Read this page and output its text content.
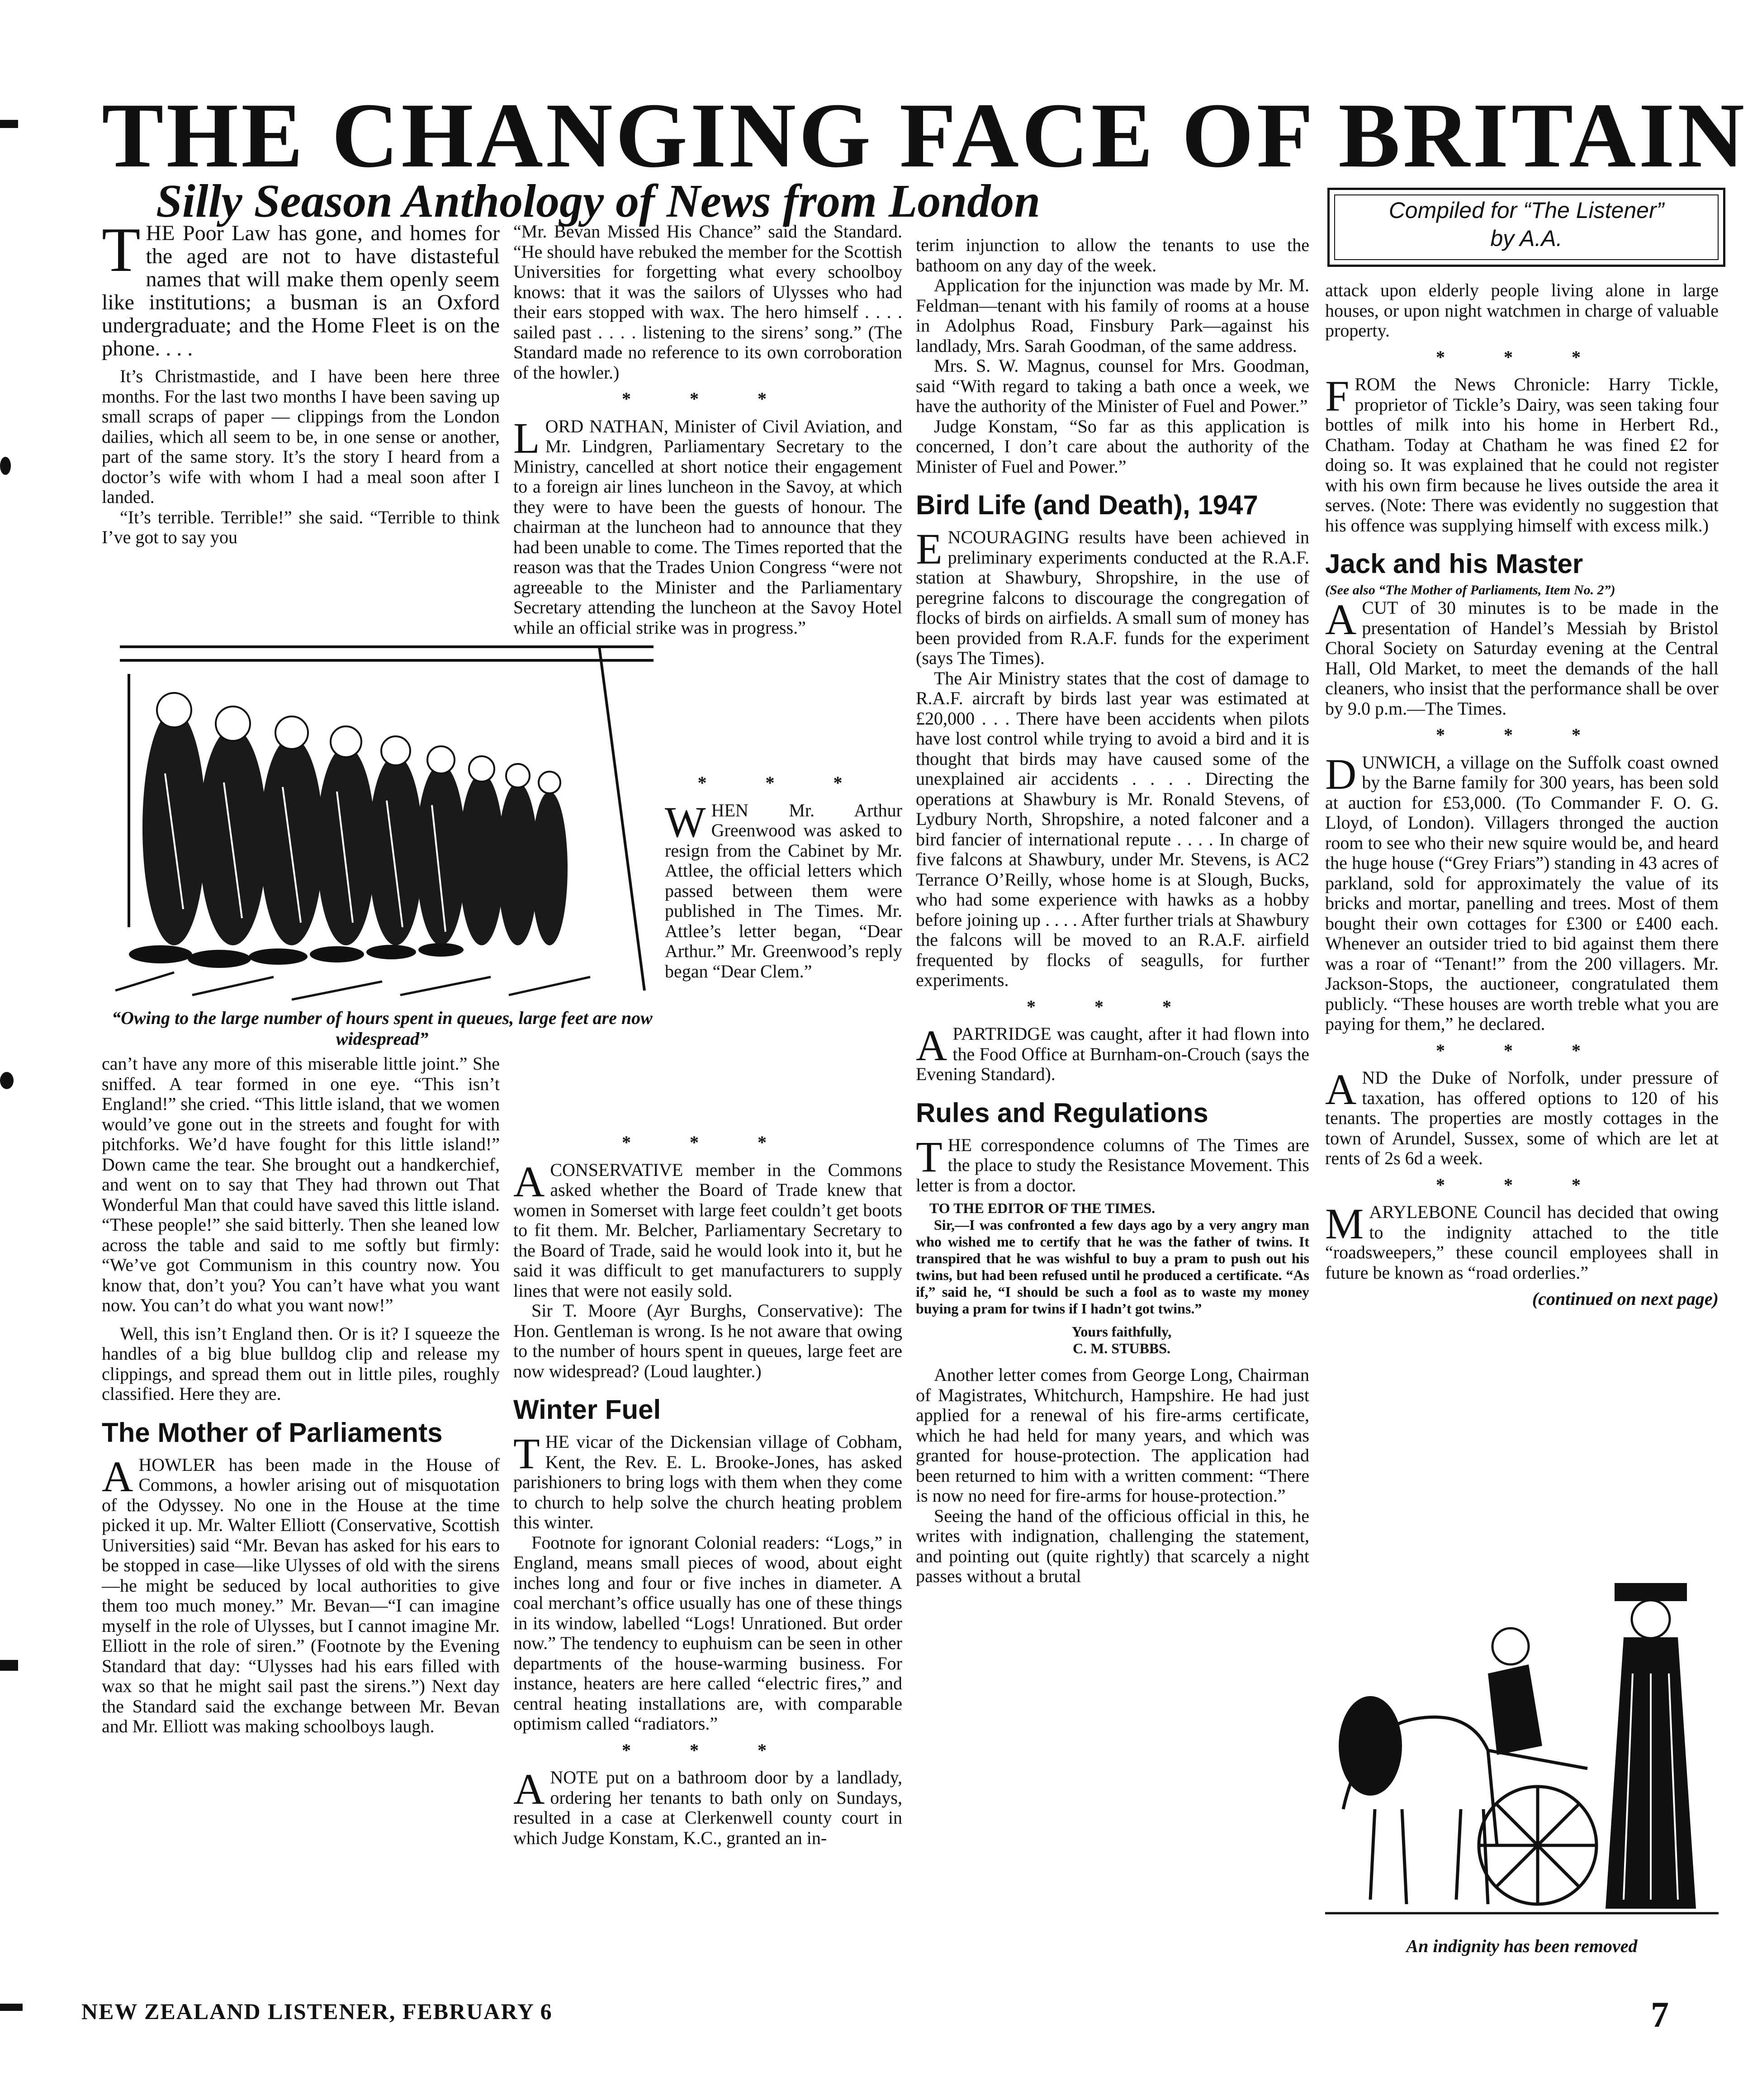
THE CHANGING FACE OF BRITAIN
Silly Season Anthology of News from London	Compiled for “The Listener”
by A.A.

THE Poor Law has gone, and homes for the aged are not to have distasteful names that will make them openly seem like institutions; a busman is an Oxford undergraduate; and the Home Fleet is on the phone. . . .

It’s Christmastide, and I have been here three months. For the last two months I have been saving up small scraps of paper — clippings from the London dailies, which all seem to be, in one sense or another, part of the same story. It’s the story I heard from a doctor’s wife with whom I had a meal soon after I landed.

“It’s terrible. Terrible!” she said. “Terrible to think I’ve got to say you

“Owing to the large number of hours spent in queues, large feet are now widespread”

can’t have any more of this miserable little joint.” She sniffed. A tear formed in one eye. “This isn’t England!” she cried. “This little island, that we women would’ve gone out in the streets and fought for with pitchforks. We’d have fought for this little island!” Down came the tear. She brought out a handkerchief, and went on to say that They had thrown out That Wonderful Man that could have saved this little island. “These people!” she said bitterly. Then she leaned low across the table and said to me softly but firmly: “We’ve got Communism in this country now. You know that, don’t you? You can’t have what you want now. You can’t do what you want now!”

Well, this isn’t England then. Or is it? I squeeze the handles of a big blue bulldog clip and release my clippings, and spread them out in little piles, roughly classified. Here they are.

The Mother of Parliaments

AHOWLER has been made in the House of Commons, a howler arising out of misquotation of the Odyssey. No one in the House at the time picked it up. Mr. Walter Elliott (Conservative, Scottish Universities) said “Mr. Bevan has asked for his ears to be stopped in case—like Ulysses of old with the sirens—he might be seduced by local authorities to give them too much money.” Mr. Bevan—“I can imagine myself in the role of Ulysses, but I cannot imagine Mr. Elliott in the role of siren.” (Footnote by the Evening Standard that day: “Ulysses had his ears filled with wax so that he might sail past the sirens.”) Next day the Standard said the exchange between Mr. Bevan and Mr. Elliott was making schoolboys laugh.

“Mr. Bevan Missed His Chance” said the Standard. “He should have rebuked the member for the Scottish Universities for forgetting what every schoolboy knows: that it was the sailors of Ulysses who had their ears stopped with wax. The hero himself . . . . sailed past . . . . listening to the sirens’ song.” (The Standard made no reference to its own corroboration of the howler.)

* * *

LORD NATHAN, Minister of Civil Aviation, and Mr. Lindgren, Parliamentary Secretary to the Ministry, cancelled at short notice their engagement to a foreign air lines luncheon in the Savoy, at which they were to have been the guests of honour. The chairman at the luncheon had to announce that they had been unable to come. The Times reported that the reason was that the Trades Union Congress “were not agreeable to the Minister and the Parliamentary Secretary attending the luncheon at the Savoy Hotel while an official strike was in progress.”

* * *

WHEN Mr. Arthur Greenwood was asked to resign from the Cabinet by Mr. Attlee, the official letters which passed between them were published in The Times. Mr. Attlee’s letter began, “Dear Arthur.” Mr. Greenwood’s reply began “Dear Clem.”

* * *

ACONSERVATIVE member in the Commons asked whether the Board of Trade knew that women in Somerset with large feet couldn’t get boots to fit them. Mr. Belcher, Parliamentary Secretary to the Board of Trade, said he would look into it, but he said it was difficult to get manufacturers to supply lines that were not easily sold.

Sir T. Moore (Ayr Burghs, Conservative): The Hon. Gentleman is wrong. Is he not aware that owing to the number of hours spent in queues, large feet are now widespread? (Loud laughter.)

Winter Fuel

THE vicar of the Dickensian village of Cobham, Kent, the Rev. E. L. Brooke-Jones, has asked parishioners to bring logs with them when they come to church to help solve the church heating problem this winter.

Footnote for ignorant Colonial readers: “Logs,” in England, means small pieces of wood, about eight inches long and four or five inches in diameter. A coal merchant’s office usually has one of these things in its window, labelled “Logs! Unrationed. But order now.” The tendency to euphuism can be seen in other departments of the house-warming business. For instance, heaters are here called “electric fires,” and central heating installations are, with comparable optimism called “radiators.”

* * *

ANOTE put on a bathroom door by a landlady, ordering her tenants to bath only on Sundays, resulted in a case at Clerkenwell county court in which Judge Konstam, K.C., granted an in-

terim injunction to allow the tenants to use the bathoom on any day of the week.

Application for the injunction was made by Mr. M. Feldman—tenant with his family of rooms at a house in Adolphus Road, Finsbury Park—against his landlady, Mrs. Sarah Goodman, of the same address.

Mrs. S. W. Magnus, counsel for Mrs. Goodman, said “With regard to taking a bath once a week, we have the authority of the Minister of Fuel and Power.”

Judge Konstam, “So far as this application is concerned, I don’t care about the authority of the Minister of Fuel and Power.”

Bird Life (and Death), 1947

ENCOURAGING results have been achieved in preliminary experiments conducted at the R.A.F. station at Shawbury, Shropshire, in the use of peregrine falcons to discourage the congregation of flocks of birds on airfields. A small sum of money has been provided from R.A.F. funds for the experiment (says The Times).

The Air Ministry states that the cost of damage to R.A.F. aircraft by birds last year was estimated at £20,000 . . . There have been accidents when pilots have lost control while trying to avoid a bird and it is thought that birds may have caused some of the unexplained air accidents . . . . Directing the operations at Shawbury is Mr. Ronald Stevens, of Lydbury North, Shropshire, a noted falconer and a bird fancier of international repute . . . . In charge of five falcons at Shawbury, under Mr. Stevens, is AC2 Terrance O’Reilly, whose home is at Slough, Bucks, who had some experience with hawks as a hobby before joining up . . . . After further trials at Shawbury the falcons will be moved to an R.A.F. airfield frequented by flocks of seagulls, for further experiments.

* * *

APARTRIDGE was caught, after it had flown into the Food Office at Burnham-on-Crouch (says the Evening Standard).

Rules and Regulations

THE correspondence columns of The Times are the place to study the Resistance Movement. This letter is from a doctor.

TO THE EDITOR OF THE TIMES.

Sir,—I was confronted a few days ago by a very angry man who wished me to certify that he was the father of twins. It transpired that he was wishful to buy a pram to push out his twins, but had been refused until he produced a certificate. “As if,” said he, “I should be such a fool as to waste my money buying a pram for twins if I hadn’t got twins.”

Yours faithfully,

C. M. STUBBS.

Another letter comes from George Long, Chairman of Magistrates, Whitchurch, Hampshire. He had just applied for a renewal of his fire-arms certificate, which he had held for many years, and which was granted for house-protection. The application had been returned to him with a written comment: “There is now no need for fire-arms for house-protection.”

Seeing the hand of the officious official in this, he writes with indignation, challenging the statement, and pointing out (quite rightly) that scarcely a night passes without a brutal

attack upon elderly people living alone in large houses, or upon night watchmen in charge of valuable property.

* * *

FROM the News Chronicle: Harry Tickle, proprietor of Tickle’s Dairy, was seen taking four bottles of milk into his home in Herbert Rd., Chatham. Today at Chatham he was fined £2 for doing so. It was explained that he could not register with his own firm because he lives outside the area it serves. (Note: There was evidently no suggestion that his offence was supplying himself with excess milk.)

Jack and his Master

(See also “The Mother of Parliaments, Item No. 2”)

ACUT of 30 minutes is to be made in the presentation of Handel’s Messiah by Bristol Choral Society on Saturday evening at the Central Hall, Old Market, to meet the demands of the hall cleaners, who insist that the performance shall be over by 9.0 p.m.—The Times.

* * *

DUNWICH, a village on the Suffolk coast owned by the Barne family for 300 years, has been sold at auction for £53,000. (To Commander F. O. G. Lloyd, of London). Villagers thronged the auction room to see who their new squire would be, and heard the huge house (“Grey Friars”) standing in 43 acres of parkland, sold for approximately the value of its bricks and mortar, panelling and trees. Most of them bought their own cottages for £300 or £400 each. Whenever an outsider tried to bid against them there was a roar of “Tenant!” from the 200 villagers. Mr. Jackson-Stops, the auctioneer, congratulated them publicly. “These houses are worth treble what you are paying for them,” he declared.

* * *

AND the Duke of Norfolk, under pressure of taxation, has offered options to 120 of his tenants. The properties are mostly cottages in the town of Arundel, Sussex, some of which are let at rents of 2s 6d a week.

* * *

MARYLEBONE Council has decided that owing to the indignity attached to the title “roadsweepers,” these council employees shall in future be known as “road orderlies.”

(continued on next page)

An indignity has been removed
NEW ZEALAND LISTENER, FEBRUARY 6	7
